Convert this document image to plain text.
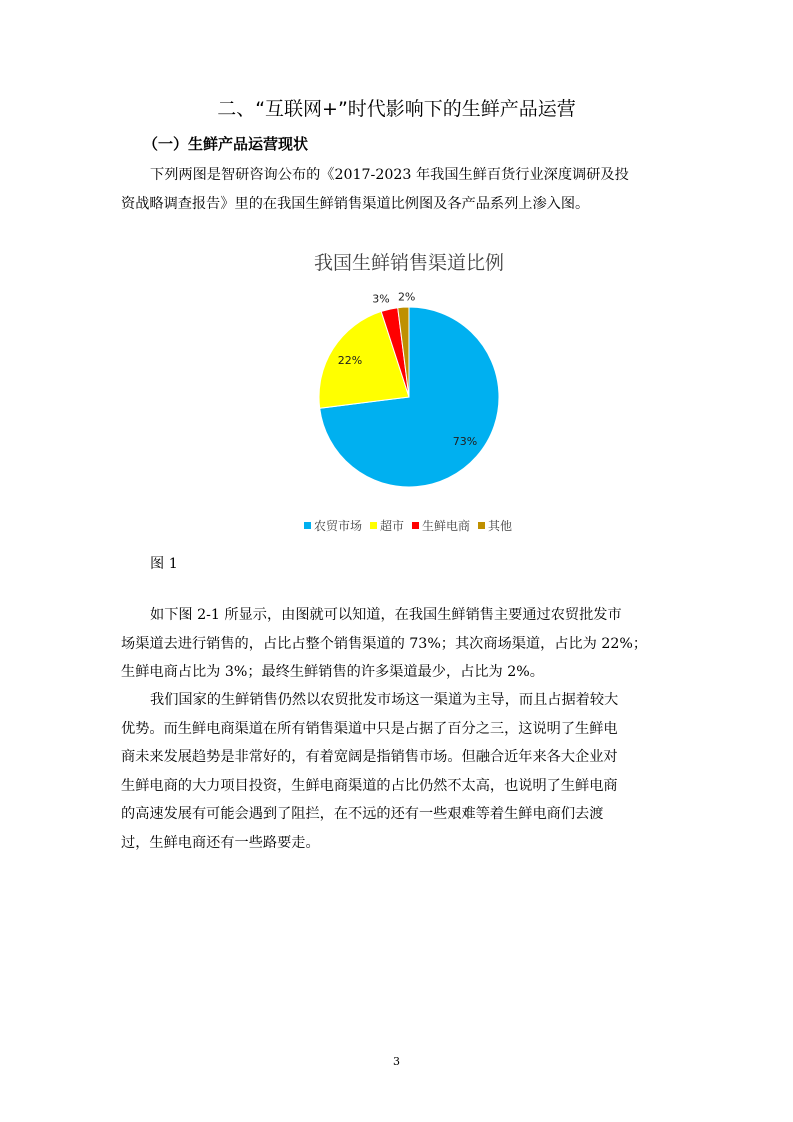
二、“互联网+”时代影响下的生鲜产品运营
（一）生鲜产品运营现状
下列两图是智研咨询公布的《2017-2023 年我国生鲜百货行业深度调研及投
资战略调查报告》里的在我国生鲜销售渠道比例图及各产品系列上渗入图。
我国生鲜销售渠道比例
73%
22%
3% 2%
农贸市场 超市 生鲜电商 其他
图 1
如下图 2-1 所显示，由图就可以知道，在我国生鲜销售主要通过农贸批发市
场渠道去进行销售的，占比占整个销售渠道的 73%；其次商场渠道，占比为 22%；
生鲜电商占比为 3%；最终生鲜销售的许多渠道最少，占比为 2%。
我们国家的生鲜销售仍然以农贸批发市场这一渠道为主导，而且占据着较大
优势。而生鲜电商渠道在所有销售渠道中只是占据了百分之三，这说明了生鲜电
商未来发展趋势是非常好的，有着宽阔是指销售市场。但融合近年来各大企业对
生鲜电商的大力项目投资，生鲜电商渠道的占比仍然不太高，也说明了生鲜电商
的高速发展有可能会遇到了阻拦，在不远的还有一些艰难等着生鲜电商们去渡
过，生鲜电商还有一些路要走。
3
